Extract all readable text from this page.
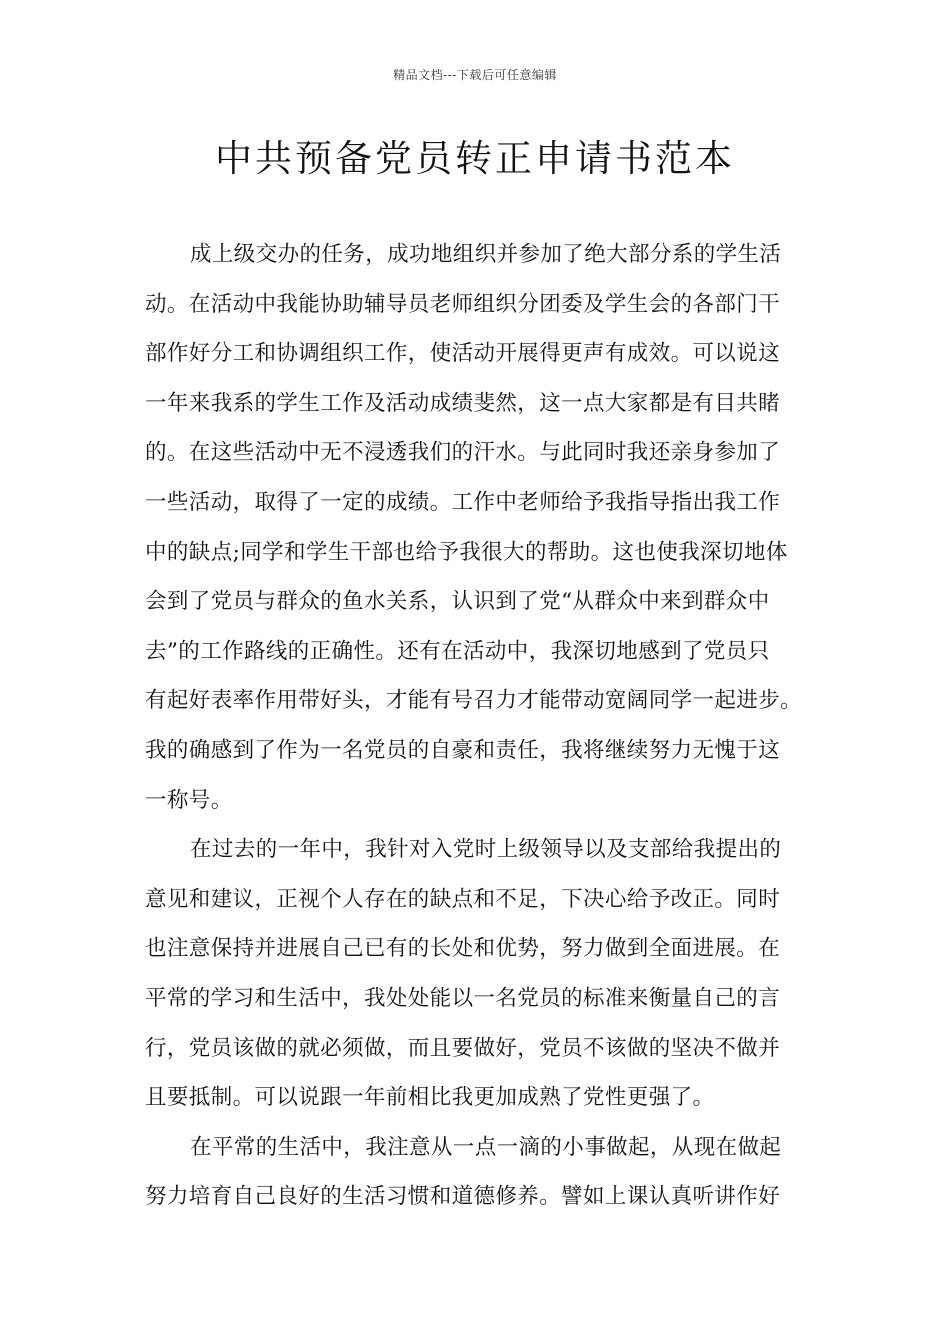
精品文档---下载后可任意编辑
中共预备党员转正申请书范本
成上级交办的任务，成功地组织并参加了绝大部分系的学生活
动。在活动中我能协助辅导员老师组织分团委及学生会的各部门干
部作好分工和协调组织工作，使活动开展得更声有成效。可以说这
一年来我系的学生工作及活动成绩斐然，这一点大家都是有目共睹
的。在这些活动中无不浸透我们的汗水。与此同时我还亲身参加了
一些活动，取得了一定的成绩。工作中老师给予我指导指出我工作
中的缺点;同学和学生干部也给予我很大的帮助。这也使我深切地体
会到了党员与群众的鱼水关系，认识到了党“从群众中来到群众中
去”的工作路线的正确性。还有在活动中，我深切地感到了党员只
有起好表率作用带好头，才能有号召力才能带动宽阔同学一起进步。
我的确感到了作为一名党员的自豪和责任，我将继续努力无愧于这
一称号。
在过去的一年中，我针对入党时上级领导以及支部给我提出的
意见和建议，正视个人存在的缺点和不足，下决心给予改正。同时
也注意保持并进展自己已有的长处和优势，努力做到全面进展。在
平常的学习和生活中，我处处能以一名党员的标准来衡量自己的言
行，党员该做的就必须做，而且要做好，党员不该做的坚决不做并
且要抵制。可以说跟一年前相比我更加成熟了党性更强了。
在平常的生活中，我注意从一点一滴的小事做起，从现在做起
努力培育自己良好的生活习惯和道德修养。譬如上课认真听讲作好
